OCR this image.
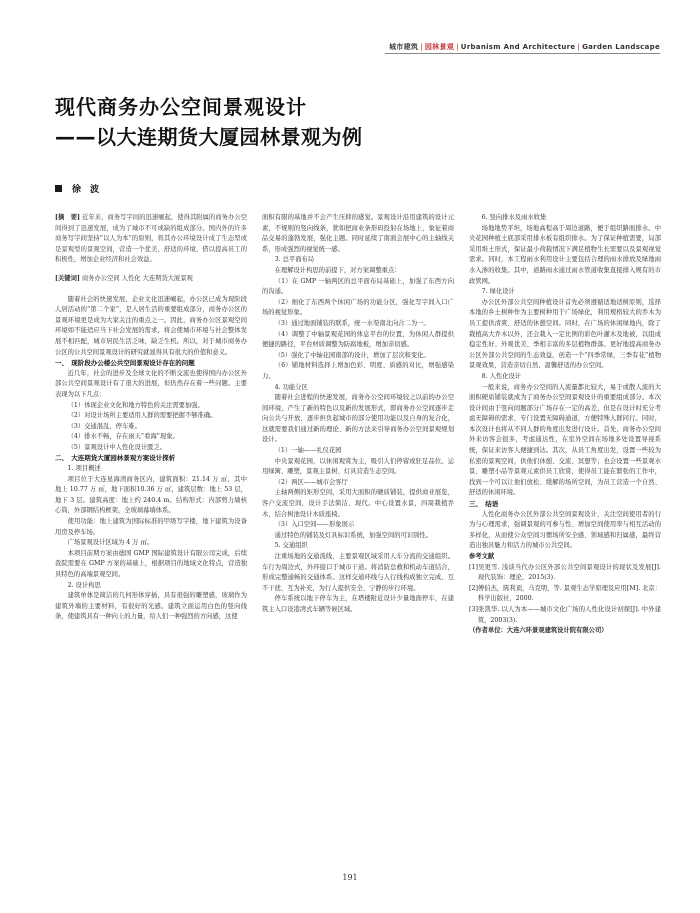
城市建筑 | 园林景观 | Urbanism And Architecture | Garden Landscape
现代商务办公空间景观设计
——以大连期货大厦园林景观为例
徐　波

[摘　要] 近年来，商务写字间的迅速崛起，使得其附属的商务办公空间得到了迅速发展，成为了城市不可或缺的组成部分。国内外的许多商务写字间坚持“以人为本”的原则，将其办公环境设计成了生态型或是景观型的景观空间，营造一个优美、舒适的环境、借以提高员工的积极性，增加企业经济和社会效益。

[关键词] 商务办公空间 人性化 大连期货大厦景观

随着社会的快速发展，企业文化迅速崛起，办公区已成为现阶段人居活动的“第二个家”，是人居生活的重要组成部分，商务办公区的景观环境更是成为大家关注的重点之一。因此，商务办公区景观空间环境如不能适应当下社会发展的需求，将会使城市环境与社会整体发展不相匹配，城市居民生活乏味，缺乏生机。所以，对于城市商务办公区的公共空间景观设计的研究就显得具有很大的价值和意义。

一、　现阶段办公楼公共空间景观设计存在的问题

近几年，社会的进步及全球文化的不断交流也使得国内办公区外部公共空间景观设计有了很大的进展，但仍然存在着一些问题。主要表现为以下几点：

（1）体现企业文化和地方特色的关注需要加强。

（2）对设计场所主要适用人群的需要把握不够准确。

（3）交通混乱、停车难。

（4）排水不畅，存在雨天“看海”现象。

（5）景观设计中人性化设计匮乏。

二、　大连期货大厦园林景观方案设计探析

1. 项目概述

项目位于大连星海湾商务区内，建筑面积：21.14 万 ㎡，其中地上 10.77 万 ㎡，地下面积10.36 万 ㎡，建筑层数：地上 53 层，地下 3 层。建筑高度：地上约 240.4 m。结构形式：内部剪力墙核心筒，外部钢结构框架，全玻璃幕墙体系。

使用功能：地上建筑为国际标准的甲级写字楼，地下建筑为设备用房及停车场。

广场景观设计区域为 4 万 ㎡。

本项目前期方案由德国 GMP 国际建筑设计有限公司完成，后续我院需要在 GMP 方案的基础上，根据项目的地域文化特点，营造独具特色的高端景观空间。

2. 设计构思

建筑单体是简洁的几何形体穿插，具有很强的雕塑感，玻璃作为建筑外墙的主要材料，有很好的光感。建筑立面运用白色的竖向线条，使建筑具有一种向上的力量，给人们一种强烈的方向感，这使

面积有限的基地并不会产生压抑的感觉。景观设计沿用建筑的设计元素，不规则的竖向线条，犹如把商业条形码投射在场地上，象征着商品交易的蓬勃发展，强化主题。同时延续了南面会展中心的主轴线关系，形成强烈的视觉统一感。

3. 总平面布局

在理解设计构思的前提下，对方案调整重点：

（1）在 GMP 一轴两区的总平面布局基础上，加强了东西方向的沟通。

（2）细化了东西两个休闲广场的功能分区，强化写字间入口广场的视觉形象。

（3）通过地面铺装的联系，统一水渠南北向合二为一。

（4）调整了中轴景观花园的体息平台的位置，为休闲人群提供便捷的路径，平台材质调整为防腐地板，增加亲切感。

（5）强化了中轴花园南部的设计，增加了层次和变化。

（6）铺地材料选择上增加色彩、明度、质感的对比，增强感染力。

4. 功能分区

随着社会进程的快速发展，商务办公空间环境较之以前的办公空间环境，产生了新的特色以及新的发展形式，即商务办公空间逐步走向公共与开放、逐步担负起城市的部分使用功能以及自身的复合化，这就需要我们通过新的理论、新的方法来引导商务办公空间景观规划设计。

（1）一轴——礼仪花园

中央景观花园，以休闲观赏为主，吸引人们停留或驻足品位。运用绿篱、雕塑，景观主景树、灯具营造生态空间。

（2）两区——城市会客厅

主轴两侧的矩形空间，采用大面积的硬质铺装，提供商业展览，客户交流空间，设计手法简洁、现代。中心设置水景，四周栽植乔木，结合树池设计木质座椅。

（3）入口空间——形象展示

通过特色的铺装及灯具标识系统，加强空间的可识别性。

5. 交通组织

注重场地的交通流线，主要景观区域采用人车分流的交通组织。车行为周边式，外环接口于城市干道。将消防总救和机动车道结合，形成完整通畅的交通体系。这样交通环线与人行线构成独立完成、互不干扰、互为补充，为行人提供安全、宁静的步行环境。

停车系统以地下停车为主，在塔楼附近设计少量地面停车，在建筑主入口设港湾式车辆等候区域。

6. 竖向排水及雨水收集

场地地势平坦，场地高程高于周边道路，便于组织路面排水。中央花园种植土底部采用排水板有组织排水。为了保证种植需要，局部采用堆土形式，保证最小荷载情况下满足植物生长需要以及景观视觉需求。同时，本工程雨水利用设计主要包括合理的雨水排放及绿地雨水入渗的收集。其中，道路雨水通过雨水管道收集直接排入规有的市政管网。

7. 绿化设计

办公区外部公共空间种植设计首先必须遵循适地适树原则，选择本地的乡土树种作为主要树种用于广场绿化，利用规格较大的乔木为员工提供清爽、舒适的休憩空间。同时，在广场的休闲绿地内，除了栽植高大乔木以外，还会栽入一定比例的彩色叶灌木及地被，以组成稳定性好、外观优美、季相丰富的多层植物群落。更好地提高商务办公区外部公共空间的生态效益，创造一个“四季常绿，三季有花”植物景观效果，营造亲切自然、温馨舒适的办公空间。

8. 人性化设计

一般来说，商务办公空间的人流量都比较大，易于或散人流的大面积硬质铺装就成为了商务办公空间景观设计的重要组成部分。本次设计间由于竖向间题部分广场存在一定的高差，但是在设计时充分考虑无障碍的需求，专门设置无障碍通道，方便特殊人群同行。同时，本次设计也将从不同人群的角度出发进行设计。首先，商务办公空间外来访客会很多，考虑通达性，在室外空间在场地多处设置导视系统，保证来访客人便捷到达。其次，从员工角度出发，设置一些较为私密的景观空间，供他们休憩、交流、冥想等；也会设置一些景观水景、雕塑小品等景观元素供员工欣赏，使得员工能在繁张的工作中，找到一个可以让他们放松、缓解的场所空间，为员工营造一个自然、舒适的休闲环境。

三、　结语

人性化商务办公区外部公共空间景观设计，关注空间使用者的行为与心理需求，强调景观的可参与性、增加空间使用率与相互活动的多样化，从而使公众空间习惯场所安全感、领域感和归属感，最终营造出独具魅力和活力的城市公共空间。

参考文献

[1]吴更雪. 浅谈当代办公区外部公共空间景观设计的现状及发展[J]. 现代装饰：理论，2015(3).

[2]傅伯杰，陈利顶，马克明，等. 景观生态学原理及应用[M]. 北京：科学出版社，2000.

[3]张凯华. 以人为本——城市文化广场的人性化设计初探[J]. 中外建筑，2003(3).

（作者单位：大连六环景观建筑设计院有限公司）

191
